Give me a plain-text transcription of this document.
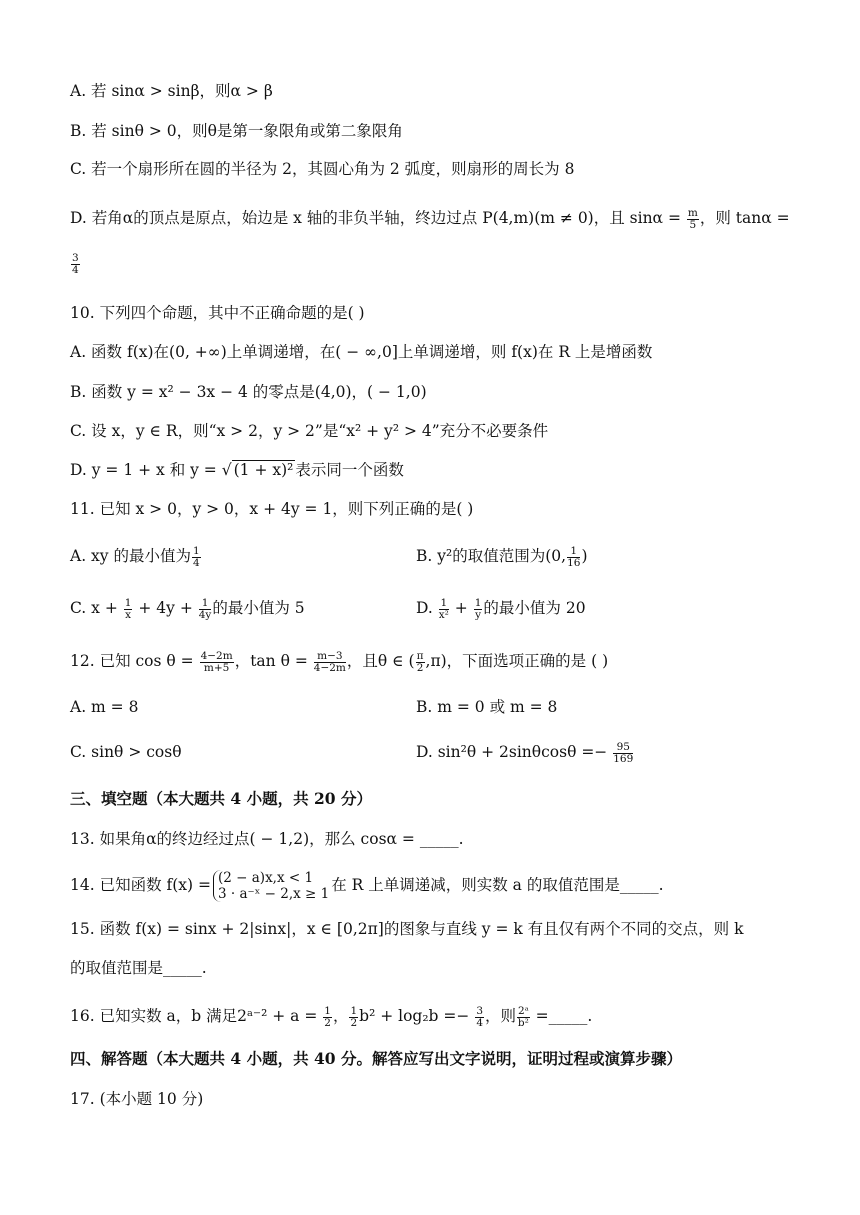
A. 若 sinα > sinβ，则α > β
B. 若 sinθ > 0，则θ是第一象限角或第二象限角
C. 若一个扇形所在圆的半径为 2，其圆心角为 2 弧度，则扇形的周长为 8
D. 若角α的顶点是原点，始边是 x 轴的非负半轴，终边过点 P(4,m)(m ≠ 0)，且 $\sin\alpha = \frac{m}{5}$ ，则 tanα =
$\frac{3}{4}$
10. 下列四个命题，其中不正确命题的是( )
A. 函数 f(x)在(0, +∞)上单调递增，在( − ∞,0]上单调递增，则 f(x)在 R 上是增函数
B. 函数 y = x² − 3x − 4 的零点是(4,0)，( − 1,0)
C. 设 x，y ∈ R，则“x > 2，y > 2”是“x² + y² > 4”充分不必要条件
D. y = 1 + x 和 y = √ (1 + x)² 表示同一个函数
11. 已知 x > 0，y > 0，x + 4y = 1，则下列正确的是( )
A. xy 的最小值为 $\frac{1}{4}$	B. y²的取值范围为(0, $\frac{1}{16}$ )
C. $x + \frac{1}{x} + 4y + \frac{1}{4y}$ 的最小值为 5	D. $\frac{1}{\text{x²}} + \frac{1}{y}$ 的最小值为 20
12. 已知 $\cos \theta = \frac{4-2m}{m+5}$ ，$\tan \theta = \frac{m-3}{4-2m}$ ，且θ ∈ ( $\frac{\pi}{2} ,\pi$)，下面选项正确的是 ( )
A. m = 8	B. m = 0 或 m = 8
C. sinθ > cosθ	D. $\sin^2\theta + 2\sin\theta\cos\theta =- \frac{95}{169}$
三、填空题（本大题共 4 小题，共 20 分）
13. 如果角α的终边经过点( − 1,2)，那么 cosα = _____.
14. 已知函数 f(x) = (2 − a)x,x < 1
3 · a⁻ˣ − 2,x ≥ 1 在 R 上单调递减，则实数 a 的取值范围是_____.
15. 函数 f(x) = sinx + 2|sinx|，x ∈ [0,2π]的图象与直线 y = k 有且仅有两个不同的交点，则 k
的取值范围是_____.
16. 已知实数 a，b 满足2ᵃ⁻² + $a = \frac{1}{2}$ ， $\frac{1}{2} b^2 + \log_2b =- \frac{3}{4}$ ，则 $\frac{\text{2ᵃ}}{\text{b²}}$ =_____.
四、解答题（本大题共 4 小题，共 40 分。解答应写出文字说明，证明过程或演算步骤）
17. (本小题 10 分)
